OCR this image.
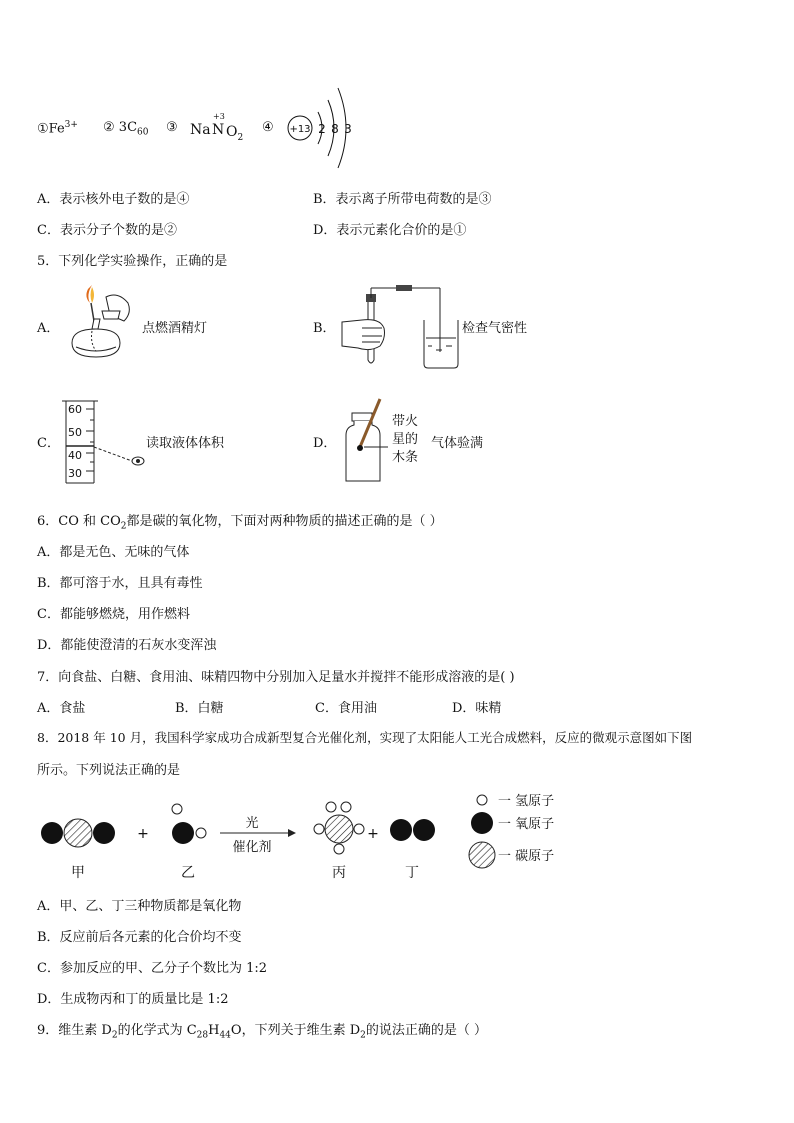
$①Fe^{3+}$ ② $3C_{60}$ ③ Na
+3
N $O_2$
④ +13 2 8 3
A．表示核外电子数的是④	B．表示离子所带电荷数的是③
C．表示分子个数的是②	D．表示元素化合价的是①
5．下列化学实验操作，正确的是
A．	点燃酒精灯	B．	检查气密性
C．
60
50
40
30
读取液体体积	D．
带火
星的
木条
气体验满
6．CO 和 $CO_2$都是碳的氧化物，下面对两种物质的描述正确的是（ ）
A．都是无色、无味的气体
B．都可溶于水，且具有毒性
C．都能够燃烧，用作燃料
D．都能使澄清的石灰水变浑浊
7．向食盐、白糖、食用油、味精四物中分别加入足量水并搅拌不能形成溶液的是( )
A．食盐	B．白糖	C．食用油	D．味精
8．2018 年 10 月，我国科学家成功合成新型复合光催化剂，实现了太阳能人工光合成燃料，反应的微观示意图如下图
所示。下列说法正确的是
甲
+
乙
光
催化剂
丙
+
丁
一 氢原子
一 氧原子
一 碳原子
A．甲、乙、丁三种物质都是氧化物
B．反应前后各元素的化合价均不变
C．参加反应的甲、乙分子个数比为 1:2
D．生成物丙和丁的质量比是 1:2
9．维生素 $D_2$的化学式为 $C_{28}H_{44}O$，下列关于维生素 $D_2$的说法正确的是（ ）
